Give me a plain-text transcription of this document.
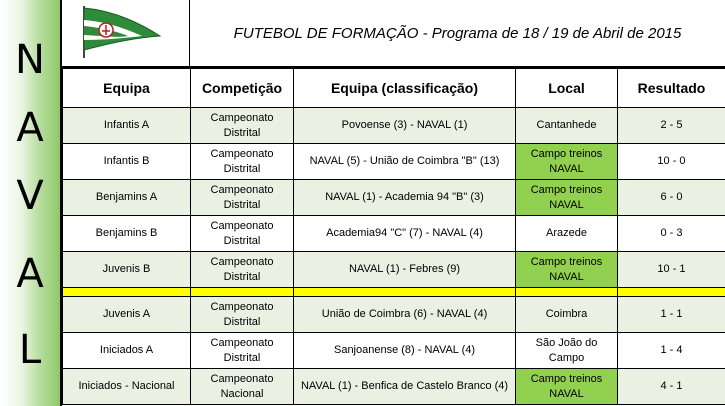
N
A
V
A
L
FUTEBOL DE FORMAÇÃO - Programa de 18 / 19 de Abril de 2015
Equipa	Competição	Equipa (classificação)	Local	Resultado
Infantis A	Campeonato Distrital	Povoense (3) - NAVAL (1)	Cantanhede	2 - 5
Infantis B	Campeonato Distrital	NAVAL (5) - União de Coimbra "B" (13)	Campo treinos NAVAL	10 - 0
Benjamins A	Campeonato Distrital	NAVAL (1) - Academia 94 "B" (3)	Campo treinos NAVAL	6 - 0
Benjamins B	Campeonato Distrital	Academia94 "C" (7) - NAVAL (4)	Arazede	0 - 3
Juvenis B	Campeonato Distrital	NAVAL (1) - Febres (9)	Campo treinos NAVAL	10 - 1

Juvenis A	Campeonato Distrital	União de Coimbra (6) - NAVAL (4)	Coimbra	1 - 1
Iniciados A	Campeonato Distrital	Sanjoanense (8) - NAVAL (4)	São João do Campo	1 - 4
Iniciados - Nacional	Campeonato Nacional	NAVAL (1) - Benfica de Castelo Branco (4)	Campo treinos NAVAL	4 - 1
